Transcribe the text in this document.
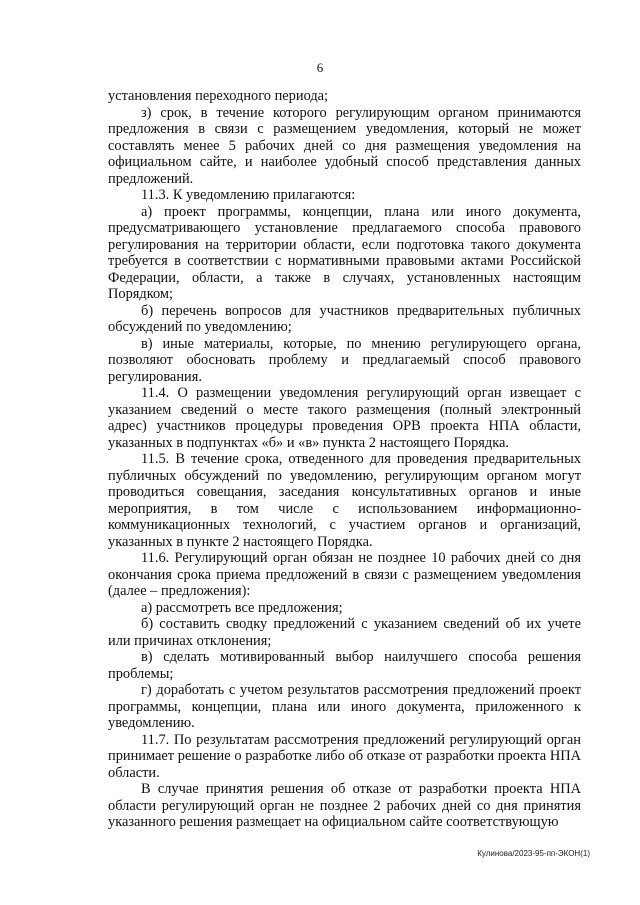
6

установления переходного периода;

з) срок, в течение которого регулирующим органом принимаются предложения в связи с размещением уведомления, который не может составлять менее 5 рабочих дней со дня размещения уведомления на официальном сайте, и наиболее удобный способ представления данных предложений.

11.3. К уведомлению прилагаются:

а) проект программы, концепции, плана или иного документа, предусматривающего установление предлагаемого способа правового регулирования на территории области, если подготовка такого документа требуется в соответствии с нормативными правовыми актами Российской Федерации, области, а также в случаях, установленных настоящим Порядком;

б) перечень вопросов для участников предварительных публичных обсуждений по уведомлению;

в) иные материалы, которые, по мнению регулирующего органа, позволяют обосновать проблему и предлагаемый способ правового регулирования.

11.4. О размещении уведомления регулирующий орган извещает с указанием сведений о месте такого размещения (полный электронный адрес) участников процедуры проведения ОРВ проекта НПА области, указанных в подпунктах «б» и «в» пункта 2 настоящего Порядка.

11.5. В течение срока, отведенного для проведения предварительных публичных обсуждений по уведомлению, регулирующим органом могут проводиться совещания, заседания консультативных органов и иные мероприятия, в том числе с использованием информационно-коммуникационных технологий, с участием органов и организаций, указанных в пункте 2 настоящего Порядка.

11.6. Регулирующий орган обязан не позднее 10 рабочих дней со дня окончания срока приема предложений в связи с размещением уведомления (далее – предложения):

а) рассмотреть все предложения;

б) составить сводку предложений с указанием сведений об их учете или причинах отклонения;

в) сделать мотивированный выбор наилучшего способа решения проблемы;

г) доработать с учетом результатов рассмотрения предложений проект программы, концепции, плана или иного документа, приложенного к уведомлению.

11.7. По результатам рассмотрения предложений регулирующий орган принимает решение о разработке либо об отказе от разработки проекта НПА области.

В случае принятия решения об отказе от разработки проекта НПА области регулирующий орган не позднее 2 рабочих дней со дня принятия указанного решения размещает на официальном сайте соответствующую

Кулинова/2023-95-пп-ЭКОН(1)
